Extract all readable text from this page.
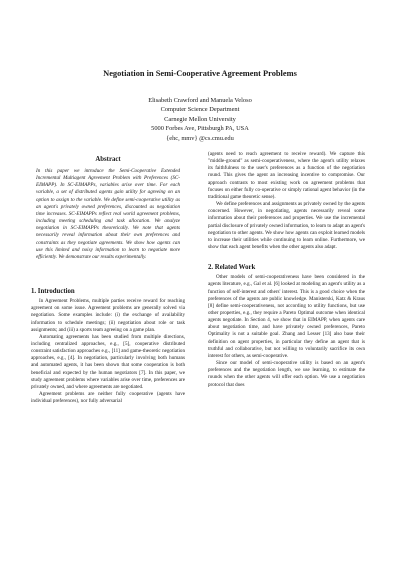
Negotiation in Semi-Cooperative Agreement Problems
Elisabeth Crawford and Manuela Veloso
Computer Science Department
Carnegie Mellon University
5000 Forbes Ave, Pittsburgh PA, USA
{ehc, mmv} @cs.cmu.edu
Abstract

In this paper we introduce the Semi-Cooperative Extended Incremental Multiagent Agreement Problem with Preferences (SC-EIMAPP). In SC-EIMAPPs, variables arise over time. For each variable, a set of distributed agents gain utility for agreeing on an option to assign to the variable. We define semi-cooperative utility as an agent's privately owned preferences, discounted as negotiation time increases. SC-EIMAPPs reflect real world agreement problems, including meeting scheduling and task allocation. We analyze negotiation in SC-EIMAPPs theoretically. We note that agents necessarily reveal information about their own preferences and constraints as they negotiate agreements. We show how agents can use this limited and noisy information to learn to negotiate more efficiently. We demonstrate our results experimentally.

1. Introduction

In Agreement Problems, multiple parties receive reward for reaching agreement on some issue. Agreement problems are generally solved via negotiation. Some examples include: (i) the exchange of availability information to schedule meetings; (ii) negotiation about role or task assignments; and (iii) a sports team agreeing on a game plan.

Automating agreements has been studied from multiple directions, including centralized approaches, e.g., [5], cooperative distributed constraint satisfaction approaches e.g., [11] and game-theoretic negotiation approaches, e.g., [4]. In negotiation, particularly involving both humans and automated agents, it has been shown that some cooperation is both beneficial and expected by the human negotiators [7]. In this paper, we study agreement problems where variables arise over time, preferences are privately owned, and where agreements are negotiated.

Agreement problems are neither fully cooperative (agents have individual preferences), nor fully adversarial

(agents need to reach agreement to receive reward). We capture this "middle-ground" as semi-cooperativeness, where the agent's utility relaxes its faithfulness to the user's preferences as a function of the negotiation round. This gives the agent an increasing incentive to compromise. Our approach contrasts to most existing work on agreement problems that focuses on either fully co-operative or simply rational agent behavior (in the traditional game theoretic sense).

We define preferences and assignments as privately owned by the agents concerned. However, in negotiating, agents necessarily reveal some information about their preferences and properties. We use the incremental partial disclosure of privately owned information, to learn to adapt an agent's negotiation to other agents. We show how agents can exploit learned models to increase their utilities while continuing to learn online. Furthermore, we show that each agent benefits when the other agents also adapt.

2. Related Work

Other models of semi-cooperativeness have been considered in the agents literature, e.g., Gal et al. [6] looked at modeling an agent's utility as a function of self-interest and others' interest. This is a good choice when the preferences of the agents are public knowledge. Manisterski, Katz & Kraus [8] define semi-cooperativeness, not according to utility functions, but use other properties, e.g., they require a Pareto Optimal outcome when identical agents negotiate. In Section 4, we show that in EIMAPP, when agents care about negotiation time, and have privately owned preferences, Pareto Optimality is not a suitable goal. Zhang and Lesser [13] also base their definition on agent properties, in particular they define an agent that is truthful and collaborative, but not willing to voluntarily sacrifice its own interest for others, as semi-cooperative.

Since our model of semi-cooperative utility is based on an agent's preferences and the negotiation length, we use learning, to estimate the rounds when the other agents will offer each option. We use a negotiation protocol that does
